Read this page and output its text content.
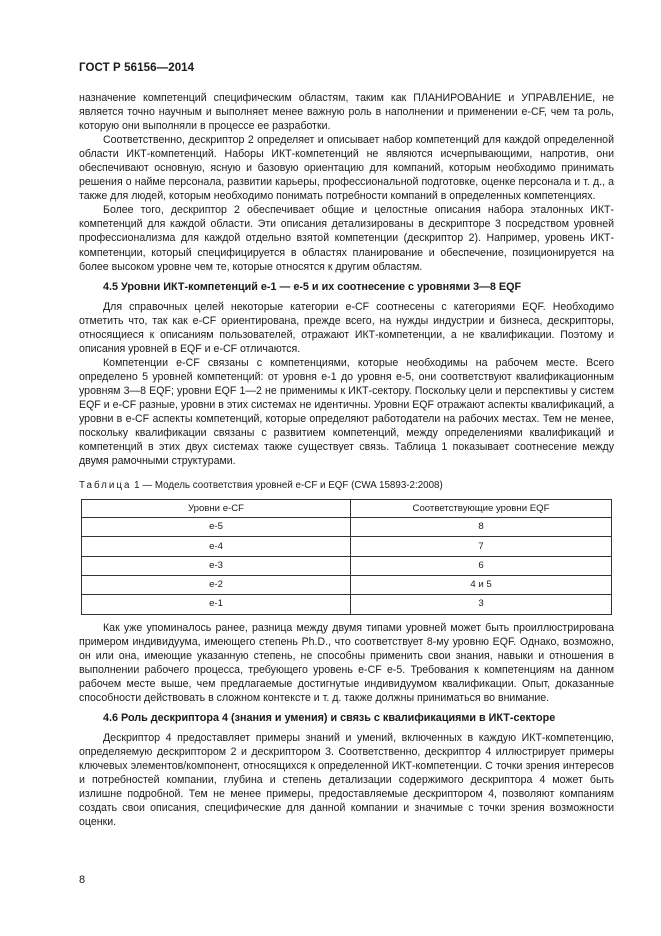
ГОСТ Р 56156—2014

назначение компетенций специфическим областям, таким как ПЛАНИРОВАНИЕ и УПРАВЛЕНИЕ, не является точно научным и выполняет менее важную роль в наполнении и применении e-CF, чем та роль, которую они выполняли в процессе ее разработки.

Соответственно, дескриптор 2 определяет и описывает набор компетенций для каждой определенной области ИКТ-компетенций. Наборы ИКТ-компетенций не являются исчерпывающими, напротив, они обеспечивают основную, ясную и базовую ориентацию для компаний, которым необходимо принимать решения о найме персонала, развитии карьеры, профессиональной подготовке, оценке персонала и т. д., а также для людей, которым необходимо понимать потребности компаний в определенных компетенциях.

Более того, дескриптор 2 обеспечивает общие и целостные описания набора эталонных ИКТ-компетенций для каждой области. Эти описания детализированы в дескрипторе 3 посредством уровней профессионализма для каждой отдельно взятой компетенции (дескриптор 2). Например, уровень ИКТ-компетенции, который специфицируется в областях планирование и обеспечение, позиционируется на более высоком уровне чем те, которые относятся к другим областям.

4.5 Уровни ИКТ-компетенций е-1 — е-5 и их соотнесение с уровнями 3—8 EQF

Для справочных целей некоторые категории e-CF соотнесены с категориями EQF. Необходимо отметить что, так как e-CF ориентирована, прежде всего, на нужды индустрии и бизнеса, дескрипторы, относящиеся к описаниям пользователей, отражают ИКТ-компетенции, а не квалификации. Поэтому и описания уровней в EQF и e-CF отличаются.

Компетенции e-CF связаны с компетенциями, которые необходимы на рабочем месте. Всего определено 5 уровней компетенций: от уровня е-1 до уровня е-5, они соответствуют квалификационным уровням 3—8 EQF; уровни EQF 1—2 не применимы к ИКТ-сектору. Поскольку цели и перспективы у систем EQF и e-CF разные, уровни в этих системах не идентичны. Уровни EQF отражают аспекты квалификаций, а уровни в e-CF аспекты компетенций, которые определяют работодатели на рабочих местах. Тем не менее, поскольку квалификации связаны с развитием компетенций, между определениями квалификаций и компетенций в этих двух системах также существует связь. Таблица 1 показывает соотнесение между двумя рамочными структурами.

Таблица 1 — Модель соответствия уровней e-CF и EQF (CWA 15893-2:2008)
Уровни e-CF	Соответствующие уровни EQF
е-5	8
е-4	7
е-3	6
е-2	4 и 5
е-1	3

Как уже упоминалось ранее, разница между двумя типами уровней может быть проиллюстрирована примером индивидуума, имеющего степень Ph.D., что соответствует 8-му уровню EQF. Однако, возможно, он или она, имеющие указанную степень, не способны применить свои знания, навыки и отношения в выполнении рабочего процесса, требующего уровень e-CF е-5. Требования к компетенциям на данном рабочем месте выше, чем предлагаемые достигнутые индивидуумом квалификации. Опыт, доказанные способности действовать в сложном контексте и т. д. также должны приниматься во внимание.

4.6 Роль дескриптора 4 (знания и умения) и связь с квалификациями в ИКТ-секторе

Дескриптор 4 предоставляет примеры знаний и умений, включенных в каждую ИКТ-компетенцию, определяемую дескриптором 2 и дескриптором 3. Соответственно, дескриптор 4 иллюстрирует примеры ключевых элементов/компонент, относящихся к определенной ИКТ-компетенции. С точки зрения интересов и потребностей компании, глубина и степень детализации содержимого дескриптора 4 может быть излишне подробной. Тем не менее примеры, предоставляемые дескриптором 4, позволяют компаниям создать свои описания, специфические для данной компании и значимые с точки зрения возможности оценки.

8
